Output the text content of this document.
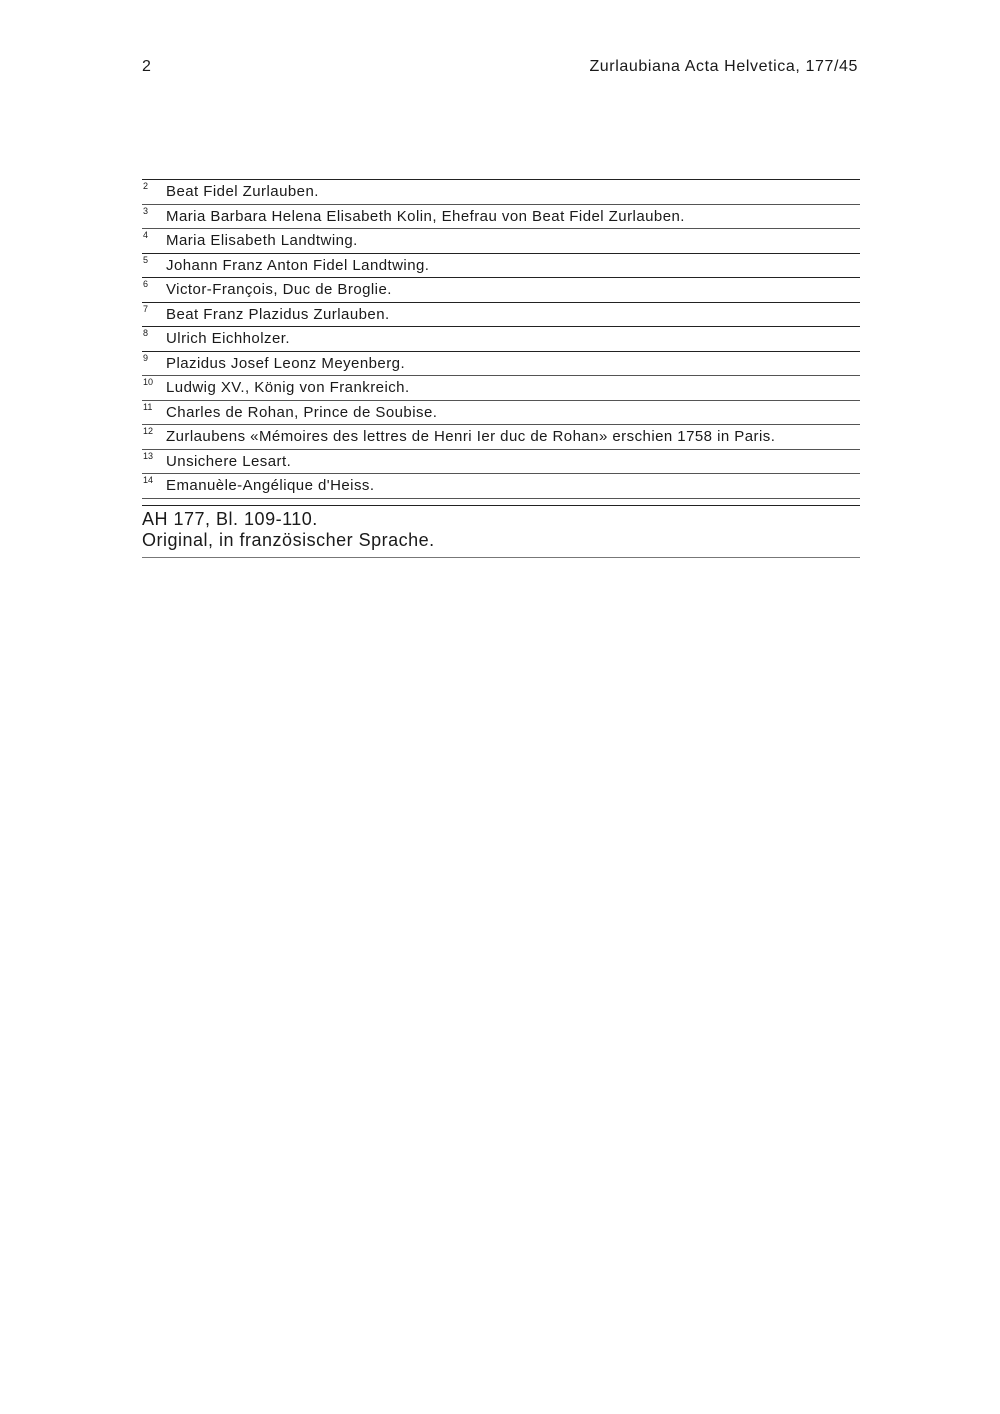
2	Zurlaubiana Acta Helvetica, 177/45
2 Beat Fidel Zurlauben.
3 Maria Barbara Helena Elisabeth Kolin, Ehefrau von Beat Fidel Zurlauben.
4 Maria Elisabeth Landtwing.
5 Johann Franz Anton Fidel Landtwing.
6 Victor-François, Duc de Broglie.
7 Beat Franz Plazidus Zurlauben.
8 Ulrich Eichholzer.
9 Plazidus Josef Leonz Meyenberg.
10 Ludwig XV., König von Frankreich.
11 Charles de Rohan, Prince de Soubise.
12 Zurlaubens «Mémoires des lettres de Henri Ier duc de Rohan» erschien 1758 in Paris.
13 Unsichere Lesart.
14 Emanuèle-Angélique d'Heiss.
AH 177, Bl. 109-110.
Original, in französischer Sprache.
